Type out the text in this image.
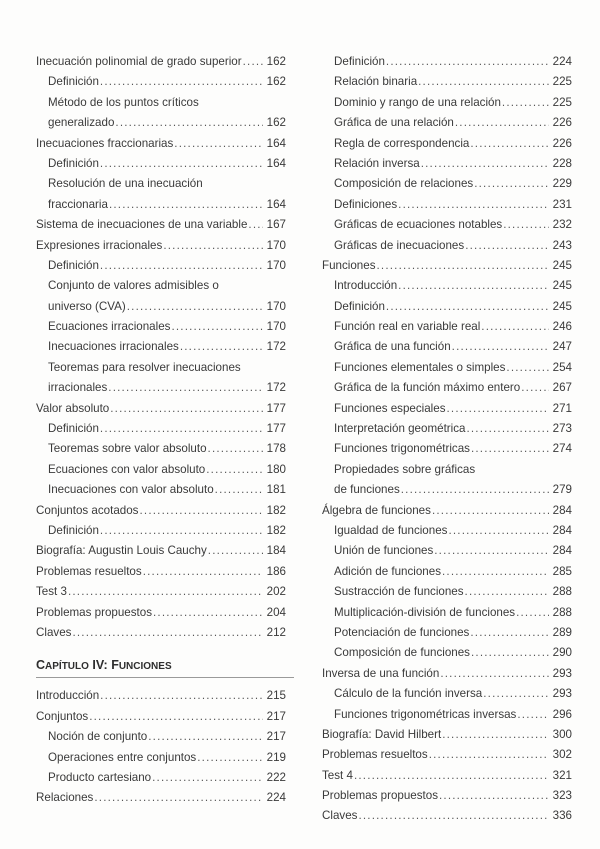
Inecuación polinomial de grado superior ..... 162
Definición .....	162
Método de los puntos críticos
generalizado .....	162
Inecuaciones fraccionarias .....	164
Definición .....	164
Resolución de una inecuación
fraccionaria .....	164
Sistema de inecuaciones de una variable ..... 167
Expresiones irracionales .....	170
Definición .....	170
Conjunto de valores admisibles o
universo (CVA) .....	170
Ecuaciones irracionales .....	170
Inecuaciones irracionales .....	172
Teoremas para resolver inecuaciones
irracionales .....	172
Valor absoluto .....	177
Definición .....	177
Teoremas sobre valor absoluto .....	178
Ecuaciones con valor absoluto .....	180
Inecuaciones con valor absoluto .....	181
Conjuntos acotados .....	182
Definición .....	182
Biografía: Augustin Louis Cauchy .....	184
Problemas resueltos .....	186
Test 3 .....	202
Problemas propuestos .....	204
Claves .....	212
CAPÍTULO IV: FUNCIONES
Introducción .....	215
Conjuntos .....	217
Noción de conjunto .....	217
Operaciones entre conjuntos .....	219
Producto cartesiano .....	222
Relaciones .....	224
Definición .....	224
Relación binaria .....	225
Dominio y rango de una relación .....	225
Gráfica de una relación .....	226
Regla de correspondencia .....	226
Relación inversa .....	228
Composición de relaciones .....	229
Definiciones .....	231
Gráficas de ecuaciones notables .....	232
Gráficas de inecuaciones .....	243
Funciones .....	245
Introducción .....	245
Definición .....	245
Función real en variable real .....	246
Gráfica de una función .....	247
Funciones elementales o simples .....	254
Gráfica de la función máximo entero .....	267
Funciones especiales .....	271
Interpretación geométrica .....	273
Funciones trigonométricas .....	274
Propiedades sobre gráficas
de funciones .....	279
Álgebra de funciones .....	284
Igualdad de funciones .....	284
Unión de funciones .....	284
Adición de funciones .....	285
Sustracción de funciones .....	288
Multiplicación-división de funciones .....	288
Potenciación de funciones .....	289
Composición de funciones .....	290
Inversa de una función .....	293
Cálculo de la función inversa .....	293
Funciones trigonométricas inversas .....	296
Biografía: David Hilbert .....	300
Problemas resueltos .....	302
Test 4 .....	321
Problemas propuestos .....	323
Claves .....	336
